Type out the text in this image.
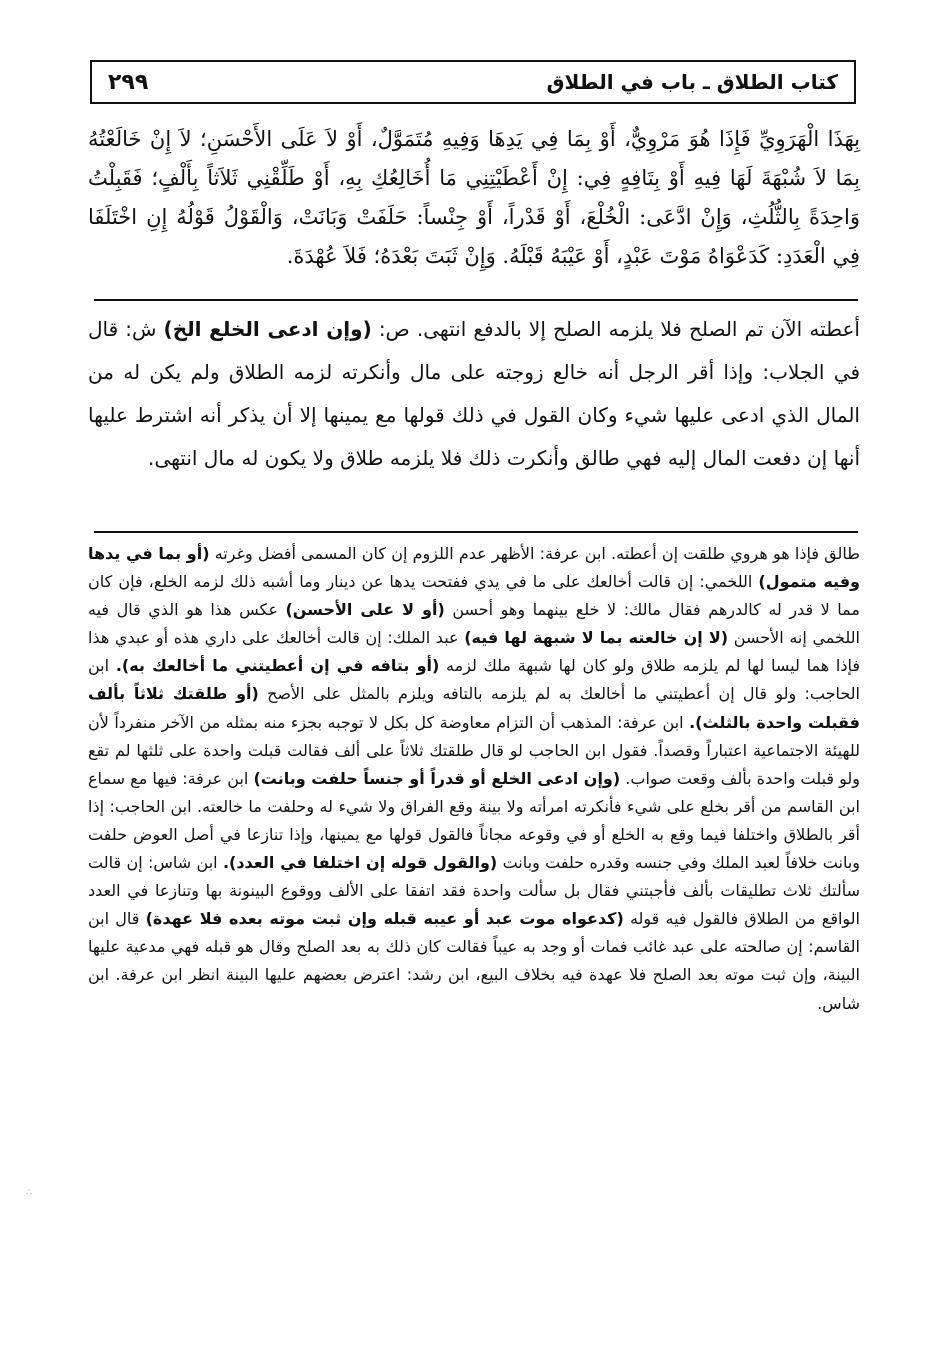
كتاب الطلاق ـ باب في الطلاق
٢٩٩

بِهَذَا الْهَرَوِيِّ فَإِذَا هُوَ مَرْوِيٌّ، أَوْ بِمَا فِي يَدِهَا وَفِيهِ مُتَمَوَّلٌ، أَوْ لاَ عَلَى الأَحْسَنِ؛ لاَ إِنْ خَالَعْتُهُ بِمَا لاَ شُبْهَةَ لَهَا فِيهِ أَوْ بِتَافِهٍ فِي: إِنْ أَعْطَيْتِنِي مَا أُخَالِعُكِ بِهِ، أَوْ طَلِّقْنِي ثَلاَثاً بِأَلْفٍ؛ فَقَبِلْتُ وَاحِدَةً بِالثُّلُثِ، وَإِنْ ادَّعَى: الْخُلْعَ، أَوْ قَدْراً، أَوْ جِنْساً: حَلَفَتْ وَبَانَتْ، وَالْقَوْلُ قَوْلُهُ إِنِ اخْتَلَفَا فِي الْعَدَدِ: كَدَعْوَاهُ مَوْتَ عَبْدٍ، أَوْ عَيْبَهُ قَبْلَهُ. وَإِنْ ثَبَتَ بَعْدَهُ؛ فَلاَ عُهْدَةَ.

أعطته الآن تم الصلح فلا يلزمه الصلح إلا بالدفع انتهى. ص: (وإن ادعى الخلع الخ) ش: قال في الجلاب: وإذا أقر الرجل أنه خالع زوجته على مال وأنكرته لزمه الطلاق ولم يكن له من المال الذي ادعى عليها شيء وكان القول في ذلك قولها مع يمينها إلا أن يذكر أنه اشترط عليها أنها إن دفعت المال إليه فهي طالق وأنكرت ذلك فلا يلزمه طلاق ولا يكون له مال انتهى.

طالق فإذا هو هروي طلقت إن أعطته. ابن عرفة: الأظهر عدم اللزوم إن كان المسمى أفضل وغرته (أو بما في يدها وفيه متمول) اللخمي: إن قالت أخالعك على ما في يدي ففتحت يدها عن دينار وما أشبه ذلك لزمه الخلع، فإن كان مما لا قدر له كالدرهم فقال مالك: لا خلع بينهما وهو أحسن (أو لا على الأحسن) عكس هذا هو الذي قال فيه اللخمي إنه الأحسن (لا إن خالعته بما لا شبهة لها فيه) عبد الملك: إن قالت أخالعك على داري هذه أو عبدي هذا فإذا هما ليسا لها لم يلزمه طلاق ولو كان لها شبهة ملك لزمه (أو بتافه في إن أعطيتني ما أخالعك به). ابن الحاجب: ولو قال إن أعطيتني ما أخالعك به لم يلزمه بالتافه ويلزم بالمثل على الأصح (أو طلقتك ثلاثاً بألف فقبلت واحدة بالثلث). ابن عرفة: المذهب أن التزام معاوضة كل بكل لا توجبه بجزء منه بمثله من الآخر منفرداً لأن للهيئة الاجتماعية اعتباراً وقصداً. فقول ابن الحاجب لو قال طلقتك ثلاثاً على ألف فقالت قبلت واحدة على ثلثها لم تقع ولو قبلت واحدة بألف وقعت صواب. (وإن ادعى الخلع أو قدراً أو جنساً حلفت وبانت) ابن عرفة: فيها مع سماع ابن القاسم من أقر بخلع على شيء فأنكرته امرأته ولا بينة وقع الفراق ولا شيء له وحلفت ما خالعته. ابن الحاجب: إذا أقر بالطلاق واختلفا فيما وقع به الخلع أو في وقوعه مجاناً فالقول قولها مع يمينها، وإذا تنازعا في أصل العوض حلفت وبانت خلافاً لعبد الملك وفي جنسه وقدره حلفت وبانت (والقول قوله إن اختلفا في العدد). ابن شاس: إن قالت سألتك ثلاث تطليقات بألف فأجبتني فقال بل سألت واحدة فقد اتفقا على الألف ووقوع البينونة بها وتنازعا في العدد الواقع من الطلاق فالقول فيه قوله (كدعواه موت عبد أو عيبه قبله وإن ثبت موته بعده فلا عهدة) قال ابن القاسم: إن صالحته على عبد غائب فمات أو وجد به عيباً فقالت كان ذلك به بعد الصلح وقال هو قبله فهي مدعية عليها البينة، وإن ثبت موته بعد الصلح فلا عهدة فيه بخلاف البيع، ابن رشد: اعترض بعضهم عليها البينة انظر ابن عرفة. ابن شاس.

∴
